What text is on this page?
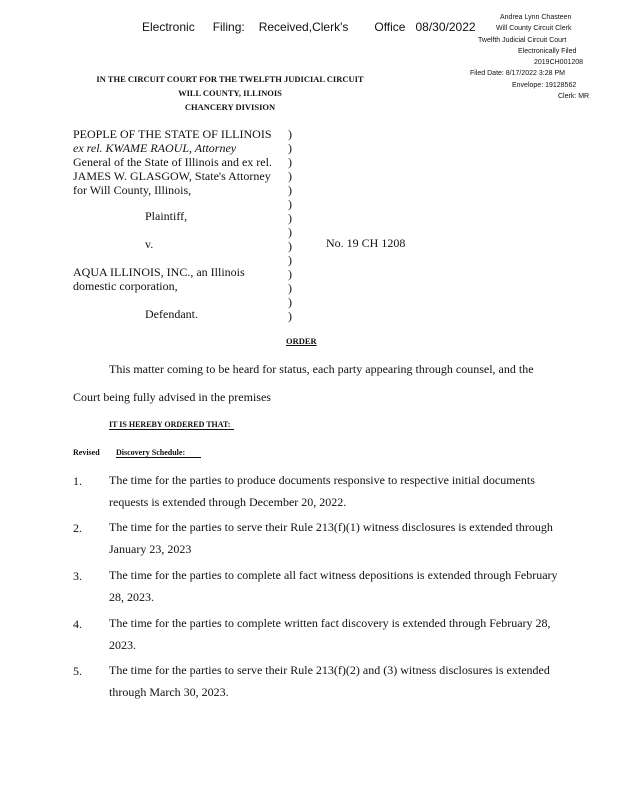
Electronic Filing: Received,Clerk's Office 08/30/2022
Andrea Lynn Chasteen
Will County Circuit Clerk
Twelfth Judicial Circuit Court
Electronically Filed
2019CH001208
Filed Date: 8/17/2022 3:28 PM
Envelope: 19128562
Clerk: MR
IN THE CIRCUIT COURT FOR THE TWELFTH JUDICIAL CIRCUIT
WILL COUNTY, ILLINOIS
CHANCERY DIVISION
PEOPLE OF THE STATE OF ILLINOIS
ex rel. KWAME RAOUL, Attorney
General of the State of Illinois and ex rel.
JAMES W. GLASGOW, State's Attorney
for Will County, Illinois,
Plaintiff,
v.
AQUA ILLINOIS, INC., an Illinois
domestic corporation,
Defendant.
)
)
)
)
)
)
)
)
)
)
)
)
)
)
No. 19 CH 1208
ORDER
This matter coming to be heard for status, each party appearing through counsel, and the
Court being fully advised in the premises
IT IS HEREBY ORDERED THAT:
Revised Discovery Schedule:
1. The time for the parties to produce documents responsive to respective initial documents requests is extended through December 20, 2022.
2. The time for the parties to serve their Rule 213(f)(1) witness disclosures is extended through January 23, 2023
3. The time for the parties to complete all fact witness depositions is extended through February 28, 2023.
4. The time for the parties to complete written fact discovery is extended through February 28, 2023.
5. The time for the parties to serve their Rule 213(f)(2) and (3) witness disclosures is extended through March 30, 2023.
